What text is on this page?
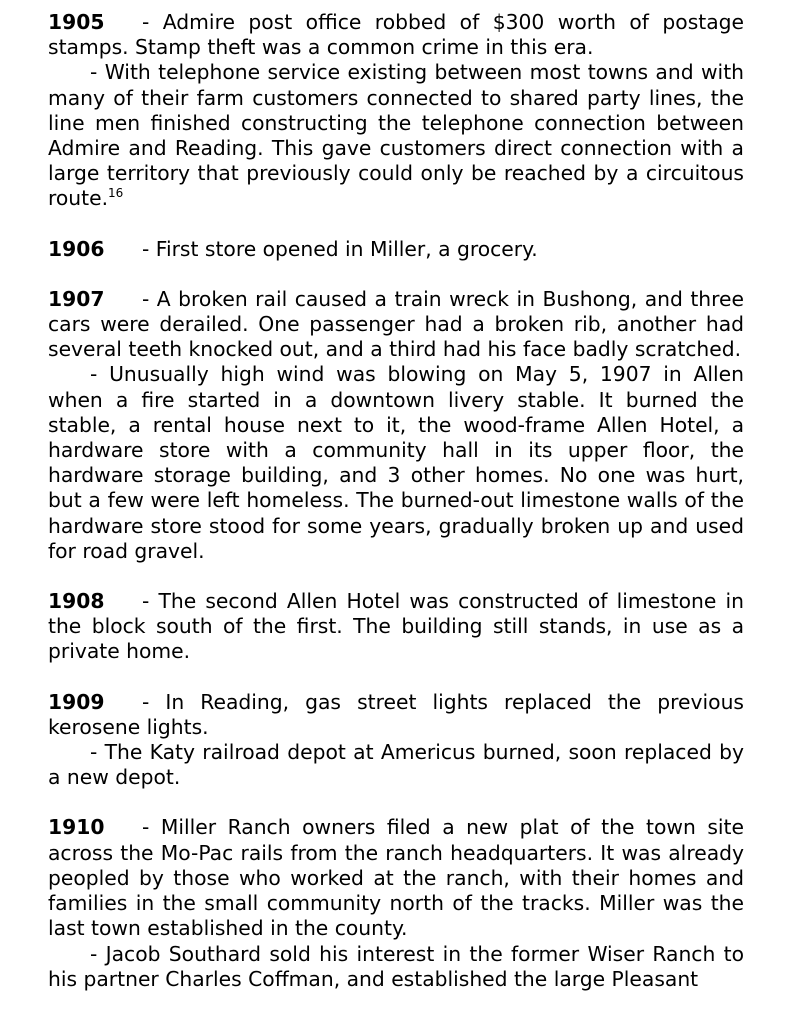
1905 - Admire post office robbed of $300 worth of postage stamps. Stamp theft was a common crime in this era.

- With telephone service existing between most towns and with many of their farm customers connected to shared party lines, the line men finished constructing the telephone connection between Admire and Reading. This gave customers direct connection with a large territory that previously could only be reached by a circuitous route.$^{16}$

1906 - First store opened in Miller, a grocery.

1907 - A broken rail caused a train wreck in Bushong, and three cars were derailed. One passenger had a broken rib, another had several teeth knocked out, and a third had his face badly scratched.

- Unusually high wind was blowing on May 5, 1907 in Allen when a fire started in a downtown livery stable. It burned the stable, a rental house next to it, the wood-frame Allen Hotel, a hardware store with a community hall in its upper floor, the hardware storage building, and 3 other homes. No one was hurt, but a few were left homeless. The burned-out limestone walls of the hardware store stood for some years, gradually broken up and used for road gravel.

1908 - The second Allen Hotel was constructed of limestone in the block south of the first. The building still stands, in use as a private home.

1909 - In Reading, gas street lights replaced the previous kerosene lights.

- The Katy railroad depot at Americus burned, soon replaced by a new depot.

1910 - Miller Ranch owners filed a new plat of the town site across the Mo-Pac rails from the ranch headquarters. It was already peopled by those who worked at the ranch, with their homes and families in the small community north of the tracks. Miller was the last town established in the county.

- Jacob Southard sold his interest in the former Wiser Ranch to his partner Charles Coffman, and established the large Pleasant
